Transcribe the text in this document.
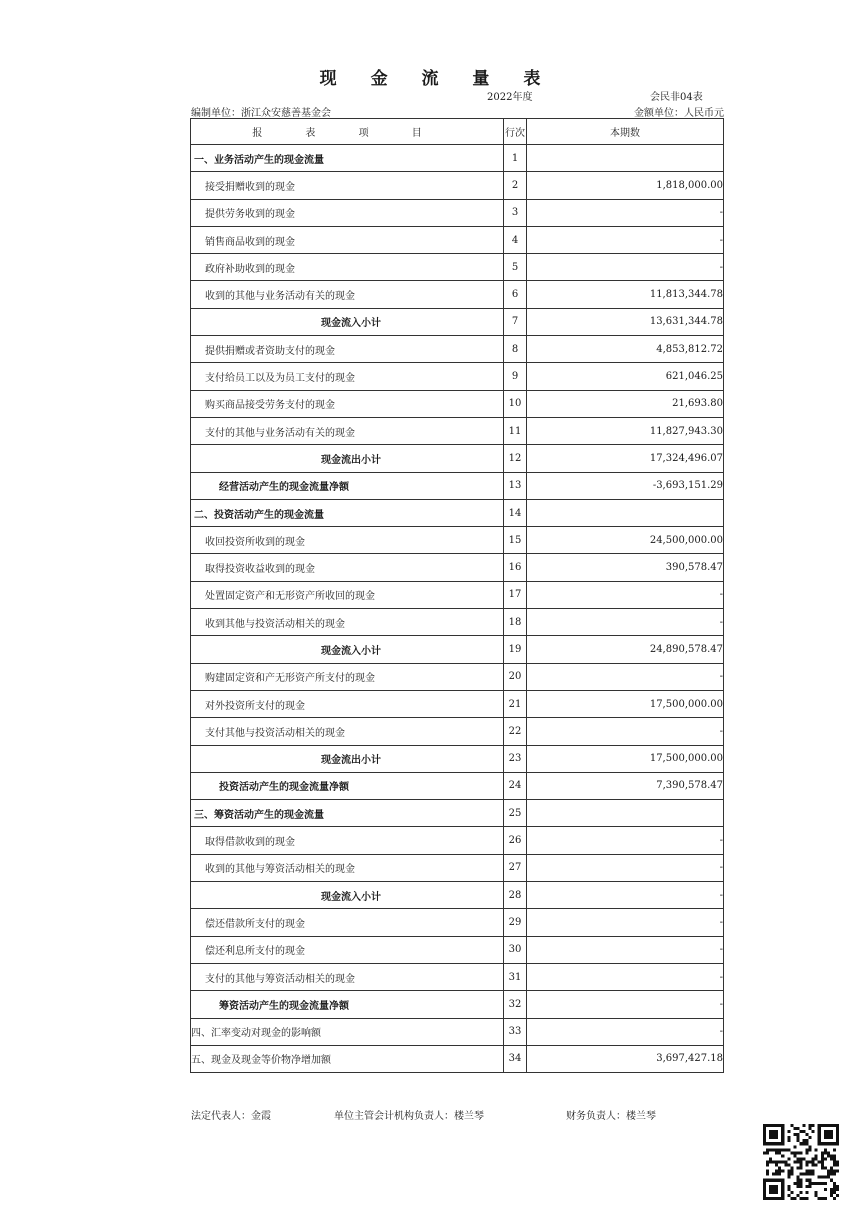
现 金 流 量 表
2022年度	会民非04表
编制单位：浙江众安慈善基金会	金额单位：人民币元
报 表 项 目	行次	本期数
一、业务活动产生的现金流量	1	
接受捐赠收到的现金	2	1,818,000.00
提供劳务收到的现金	3	-
销售商品收到的现金	4	-
政府补助收到的现金	5	-
收到的其他与业务活动有关的现金	6	11,813,344.78
现金流入小计	7	13,631,344.78
提供捐赠或者资助支付的现金	8	4,853,812.72
支付给员工以及为员工支付的现金	9	621,046.25
购买商品接受劳务支付的现金	10	21,693.80
支付的其他与业务活动有关的现金	11	11,827,943.30
现金流出小计	12	17,324,496.07
经营活动产生的现金流量净额	13	-3,693,151.29
二、投资活动产生的现金流量	14	
收回投资所收到的现金	15	24,500,000.00
取得投资收益收到的现金	16	390,578.47
处置固定资产和无形资产所收回的现金	17	-
收到其他与投资活动相关的现金	18	-
现金流入小计	19	24,890,578.47
购建固定资和产无形资产所支付的现金	20	-
对外投资所支付的现金	21	17,500,000.00
支付其他与投资活动相关的现金	22	-
现金流出小计	23	17,500,000.00
投资活动产生的现金流量净额	24	7,390,578.47
三、筹资活动产生的现金流量	25	
取得借款收到的现金	26	-
收到的其他与筹资活动相关的现金	27	-
现金流入小计	28	-
偿还借款所支付的现金	29	-
偿还利息所支付的现金	30	-
支付的其他与筹资活动相关的现金	31	-
筹资活动产生的现金流量净额	32	-
四、汇率变动对现金的影响额	33	-
五、现金及现金等价物净增加额	34	3,697,427.18
法定代表人：金霞	单位主管会计机构负责人：楼兰琴	财务负责人：楼兰琴
